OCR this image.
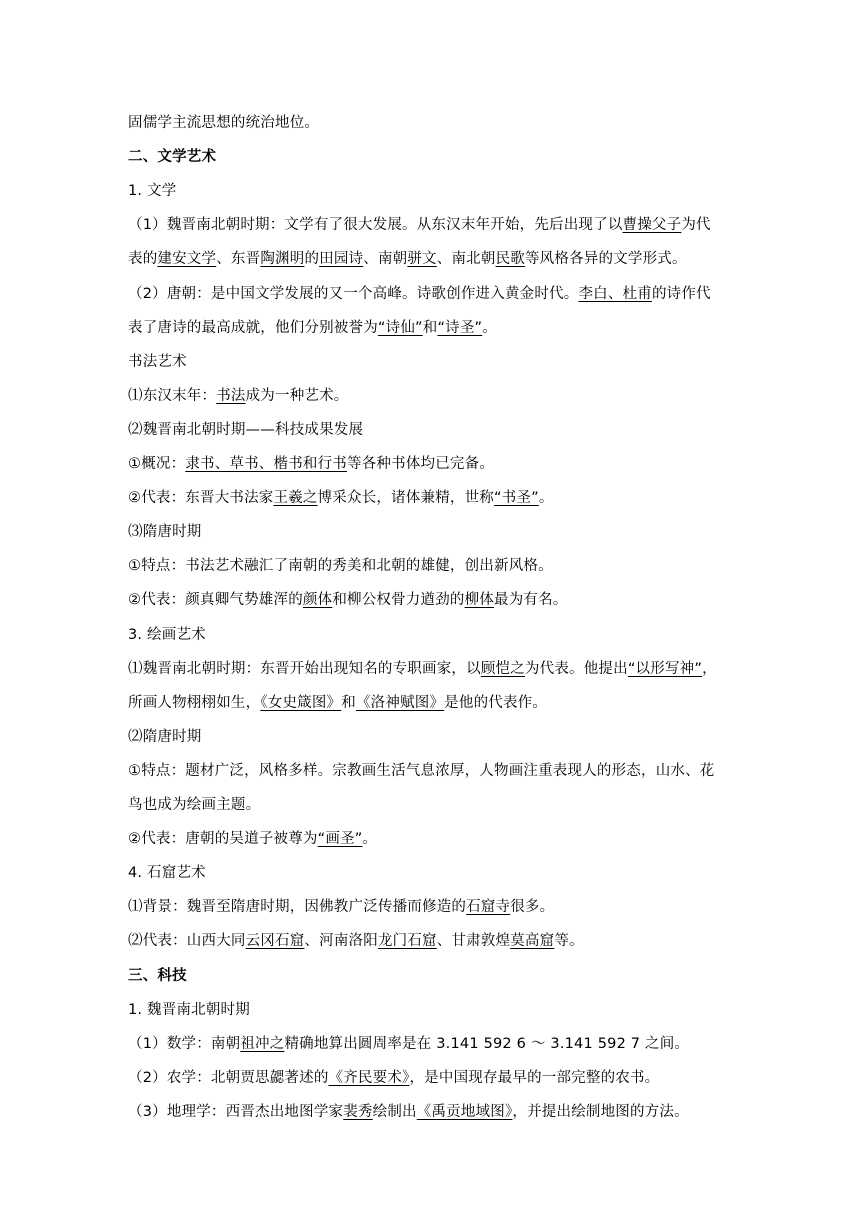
固儒学主流思想的统治地位。
二、文学艺术
1. 文学
（1）魏晋南北朝时期：文学有了很大发展。从东汉末年开始，先后出现了以曹操父子为代
表的建安文学、东晋陶渊明的田园诗、南朝骈文、南北朝民歌等风格各异的文学形式。
（2）唐朝：是中国文学发展的又一个高峰。诗歌创作进入黄金时代。李白、杜甫的诗作代
表了唐诗的最高成就，他们分别被誉为“诗仙”和“诗圣”。
书法艺术
⑴东汉末年：书法成为一种艺术。
⑵魏晋南北朝时期——科技成果发展
①概况：隶书、草书、楷书和行书等各种书体均已完备。
②代表：东晋大书法家王羲之博采众长，诸体兼精，世称“书圣”。
⑶隋唐时期
①特点：书法艺术融汇了南朝的秀美和北朝的雄健，创出新风格。
②代表：颜真卿气势雄浑的颜体和柳公权骨力遒劲的柳体最为有名。
3. 绘画艺术
⑴魏晋南北朝时期：东晋开始出现知名的专职画家，以顾恺之为代表。他提出“以形写神”，
所画人物栩栩如生，《女史箴图》和《洛神赋图》是他的代表作。
⑵隋唐时期
①特点：题材广泛，风格多样。宗教画生活气息浓厚，人物画注重表现人的形态，山水、花
鸟也成为绘画主题。
②代表：唐朝的吴道子被尊为“画圣”。
4. 石窟艺术
⑴背景：魏晋至隋唐时期，因佛教广泛传播而修造的石窟寺很多。
⑵代表：山西大同云冈石窟、河南洛阳龙门石窟、甘肃敦煌莫高窟等。
三、科技
1. 魏晋南北朝时期
（1）数学：南朝祖冲之精确地算出圆周率是在 3.141 592 6 ～ 3.141 592 7 之间。
（2）农学：北朝贾思勰著述的《齐民要术》，是中国现存最早的一部完整的农书。
（3）地理学：西晋杰出地图学家裴秀绘制出《禹贡地域图》，并提出绘制地图的方法。
